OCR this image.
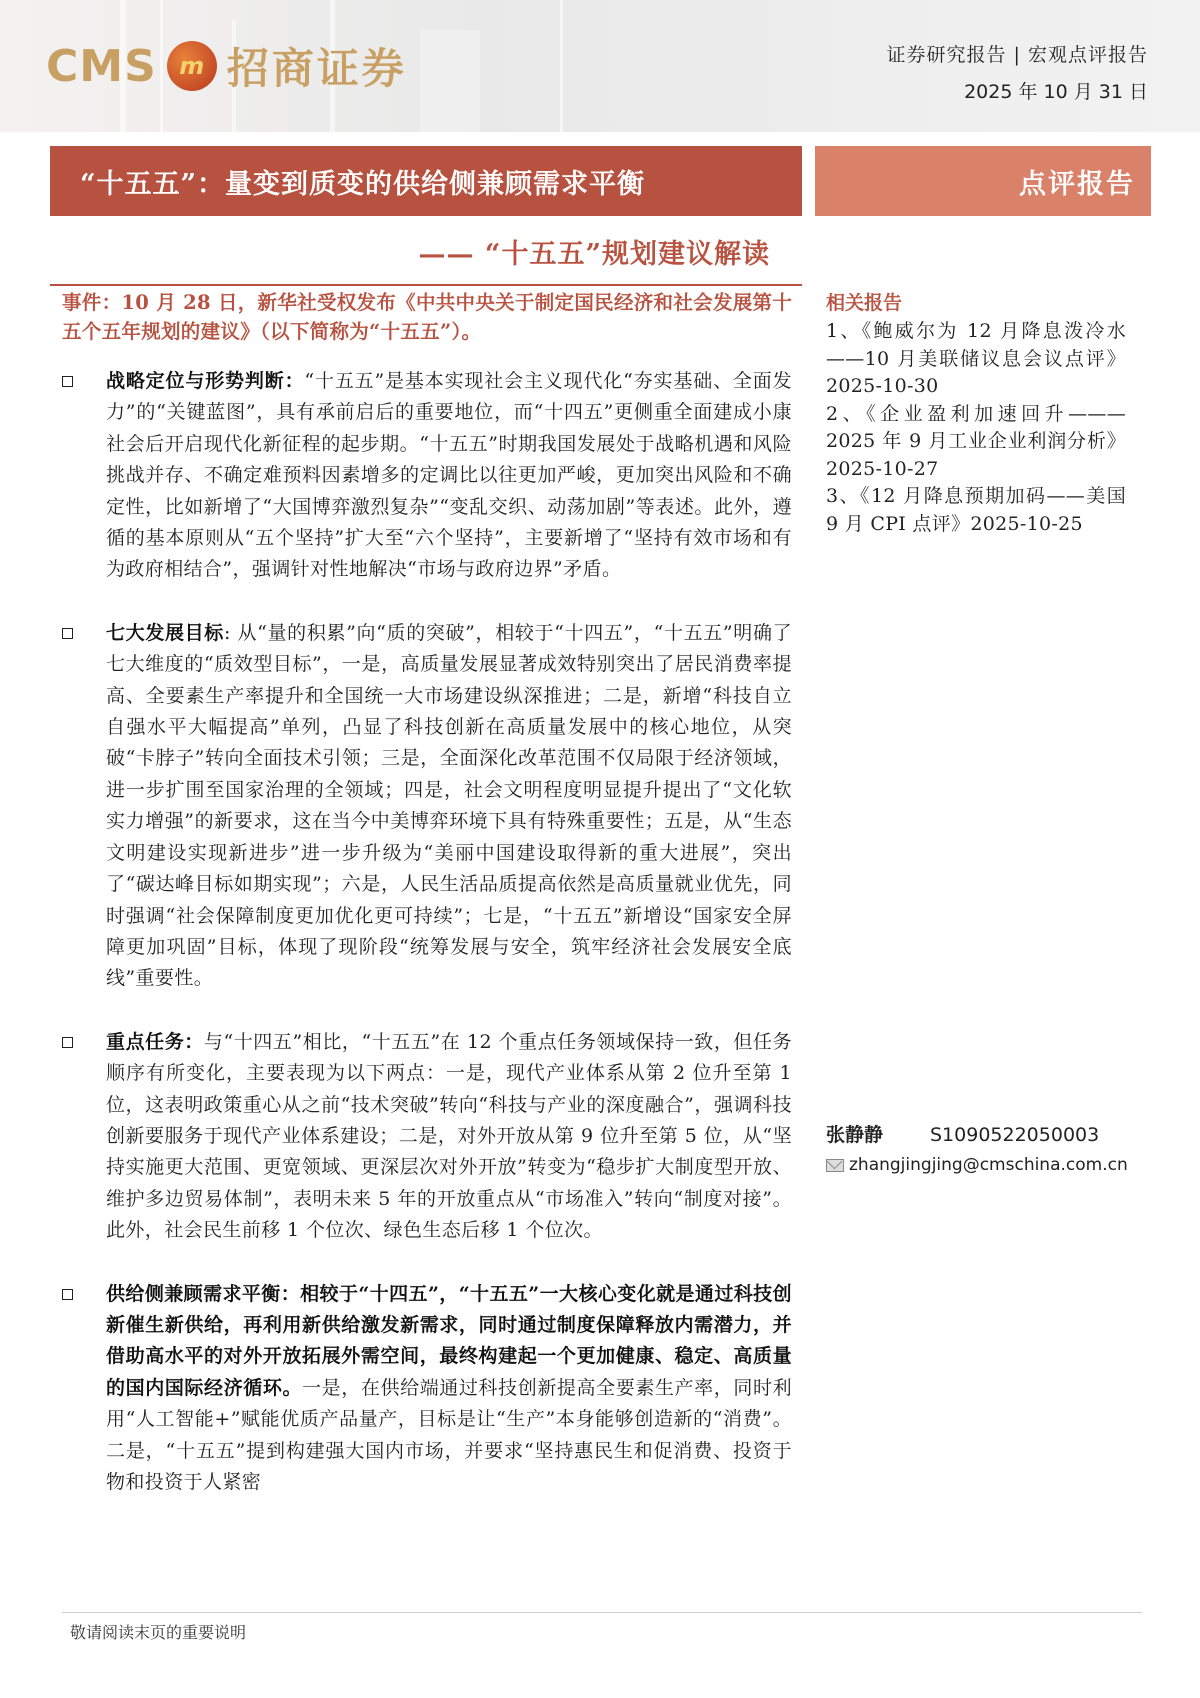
CMS m 招商证券	证券研究报告 | 宏观点评报告
2025 年 10 月 31 日
“十五五”：量变到质变的供给侧兼顾需求平衡	点评报告
—— “十五五”规划建议解读
事件：10 月 28 日，新华社受权发布《中共中央关于制定国民经济和社会发展第十五个五年规划的建议》（以下简称为“十五五”）。
战略定位与形势判断：“十五五”是基本实现社会主义现代化“夯实基础、全面发力”的“关键蓝图”，具有承前启后的重要地位，而“十四五”更侧重全面建成小康社会后开启现代化新征程的起步期。“十五五”时期我国发展处于战略机遇和风险挑战并存、不确定难预料因素增多的定调比以往更加严峻，更加突出风险和不确定性，比如新增了“大国博弈激烈复杂”“变乱交织、动荡加剧”等表述。此外，遵循的基本原则从“五个坚持”扩大至“六个坚持”，主要新增了“坚持有效市场和有为政府相结合”，强调针对性地解决“市场与政府边界”矛盾。
七大发展目标: 从“量的积累”向“质的突破”，相较于“十四五”，“十五五”明确了七大维度的“质效型目标”，一是，高质量发展显著成效特别突出了居民消费率提高、全要素生产率提升和全国统一大市场建设纵深推进；二是，新增“科技自立自强水平大幅提高”单列，凸显了科技创新在高质量发展中的核心地位，从突破“卡脖子”转向全面技术引领；三是，全面深化改革范围不仅局限于经济领域，进一步扩围至国家治理的全领域；四是，社会文明程度明显提升提出了“文化软实力增强”的新要求，这在当今中美博弈环境下具有特殊重要性；五是，从“生态文明建设实现新进步”进一步升级为“美丽中国建设取得新的重大进展”，突出了“碳达峰目标如期实现”；六是，人民生活品质提高依然是高质量就业优先，同时强调“社会保障制度更加优化更可持续”；七是，“十五五”新增设“国家安全屏障更加巩固”目标，体现了现阶段“统筹发展与安全，筑牢经济社会发展安全底线”重要性。
重点任务：与“十四五”相比，“十五五”在 12 个重点任务领域保持一致，但任务顺序有所变化，主要表现为以下两点：一是，现代产业体系从第 2 位升至第 1 位，这表明政策重心从之前“技术突破”转向“科技与产业的深度融合”，强调科技创新要服务于现代产业体系建设；二是，对外开放从第 9 位升至第 5 位，从“坚持实施更大范围、更宽领域、更深层次对外开放”转变为“稳步扩大制度型开放、维护多边贸易体制”，表明未来 5 年的开放重点从“市场准入”转向“制度对接”。此外，社会民生前移 1 个位次、绿色生态后移 1 个位次。
供给侧兼顾需求平衡：相较于“十四五”，“十五五”一大核心变化就是通过科技创新催生新供给，再利用新供给激发新需求，同时通过制度保障释放内需潜力，并借助高水平的对外开放拓展外需空间，最终构建起一个更加健康、稳定、高质量的国内国际经济循环。一是，在供给端通过科技创新提高全要素生产率，同时利用“人工智能+”赋能优质产品量产，目标是让“生产”本身能够创造新的“消费”。二是，“十五五”提到构建强大国内市场，并要求“坚持惠民生和促消费、投资于物和投资于人紧密
相关报告
1、《鲍威尔为 12 月降息泼冷水——10 月美联储议息会议点评》2025-10-30
2、《企业盈利加速回升———2025 年 9 月工业企业利润分析》2025-10-27
3、《12 月降息预期加码——美国 9 月 CPI 点评》2025-10-25
张静静	S1090522050003
zhangjingjing@cmschina.com.cn
敬请阅读末页的重要说明
